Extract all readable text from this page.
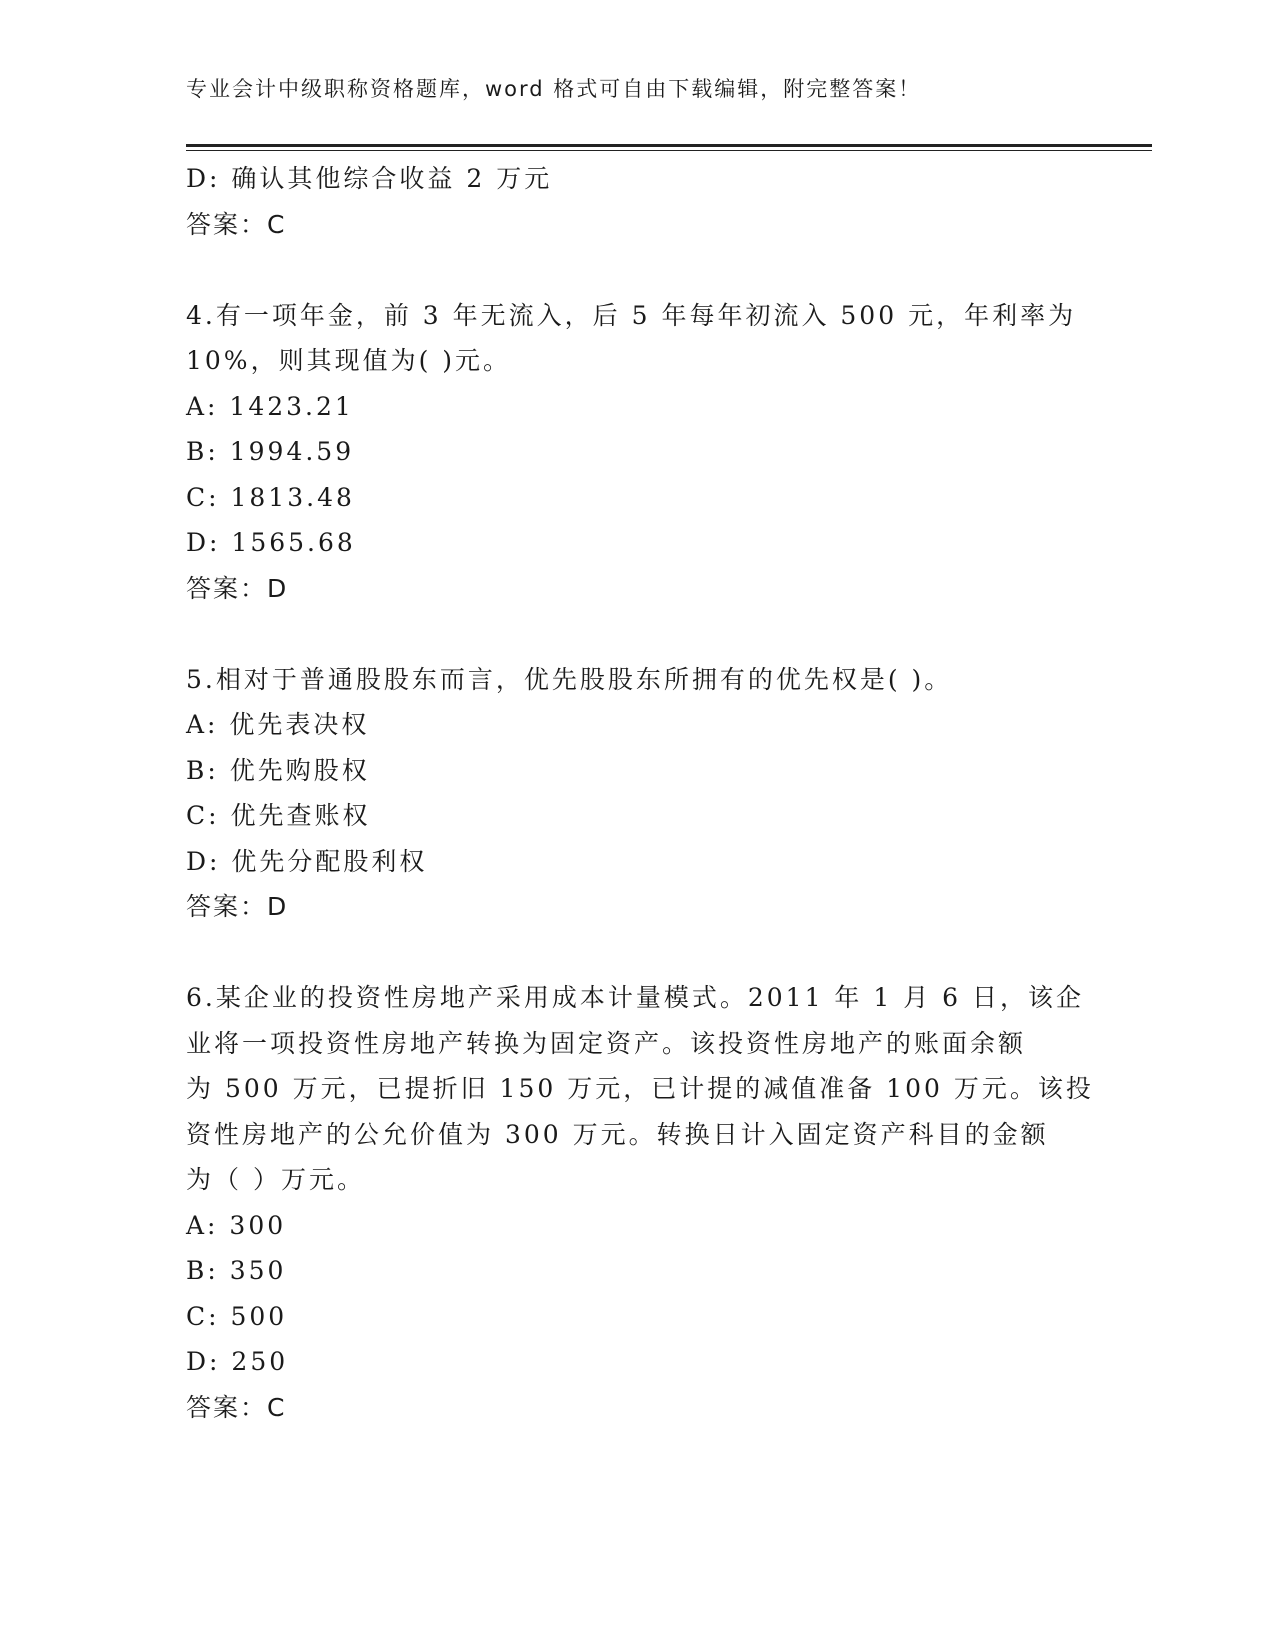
专业会计中级职称资格题库，word 格式可自由下载编辑，附完整答案！
D: 确认其他综合收益 2 万元
答案：C
4.有一项年金，前 3 年无流入，后 5 年每年初流入 500 元，年利率为
10%，则其现值为( )元。
A: 1423.21
B: 1994.59
C: 1813.48
D: 1565.68
答案：D
5.相对于普通股股东而言，优先股股东所拥有的优先权是( )。
A: 优先表决权
B: 优先购股权
C: 优先查账权
D: 优先分配股利权
答案：D
6.某企业的投资性房地产采用成本计量模式。2011 年 1 月 6 日，该企
业将一项投资性房地产转换为固定资产。该投资性房地产的账面余额
为 500 万元，已提折旧 150 万元，已计提的减值准备 100 万元。该投
资性房地产的公允价值为 300 万元。转换日计入固定资产科目的金额
为（ ）万元。
A: 300
B: 350
C: 500
D: 250
答案：C
